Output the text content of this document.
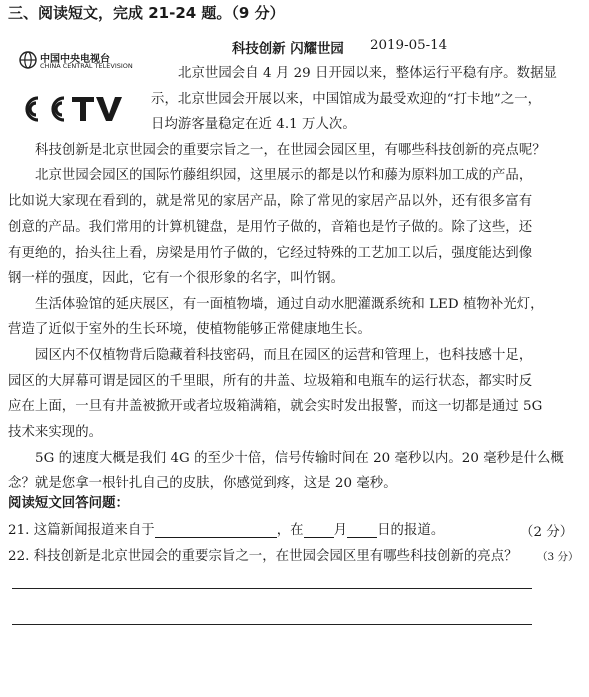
三、阅读短文，完成 21-24 题。（9 分）
中国中央电视台
CHINA CENTRAL TELEVISION
科技创新 闪耀世园 2019-05-14
北京世园会自 4 月 29 日开园以来，整体运行平稳有序。数据显
示，北京世园会开展以来，中国馆成为最受欢迎的“打卡地”之一，
日均游客量稳定在近 4.1 万人次。
科技创新是北京世园会的重要宗旨之一，在世园会园区里，有哪些科技创新的亮点呢？
北京世园会园区的国际竹藤组织园，这里展示的都是以竹和藤为原料加工成的产品，
比如说大家现在看到的，就是常见的家居产品，除了常见的家居产品以外，还有很多富有
创意的产品。我们常用的计算机键盘，是用竹子做的，音箱也是竹子做的。除了这些，还
有更绝的，抬头往上看，房梁是用竹子做的，它经过特殊的工艺加工以后，强度能达到像
钢一样的强度，因此，它有一个很形象的名字，叫竹钢。
生活体验馆的延庆展区，有一面植物墙，通过自动水肥灌溉系统和 LED 植物补光灯，
营造了近似于室外的生长环境，使植物能够正常健康地生长。
园区内不仅植物背后隐藏着科技密码，而且在园区的运营和管理上，也科技感十足，
园区的大屏幕可谓是园区的千里眼，所有的井盖、垃圾箱和电瓶车的运行状态，都实时反
应在上面，一旦有井盖被掀开或者垃圾箱满箱，就会实时发出报警，而这一切都是通过 5G
技术来实现的。
5G 的速度大概是我们 4G 的至少十倍，信号传输时间在 20 毫秒以内。20 毫秒是什么概
念？就是您拿一根针扎自己的皮肤，你感觉到疼，这是 20 毫秒。
阅读短文回答问题：
21. 这篇新闻报道来自于	，在 月 日的报道。	（2 分）
22. 科技创新是北京世园会的重要宗旨之一，在世园会园区里有哪些科技创新的亮点？ （3 分）
